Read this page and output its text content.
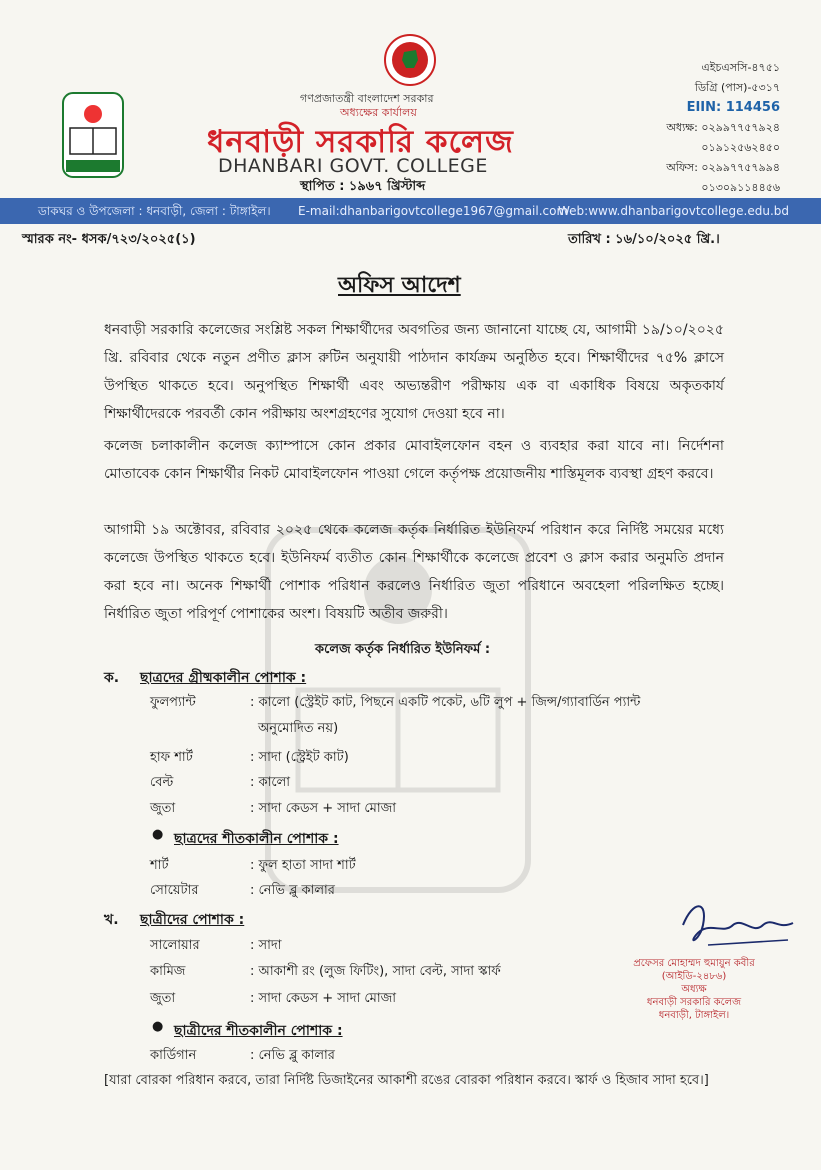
গণপ্রজাতন্ত্রী বাংলাদেশ সরকার
অধ্যক্ষের কার্যালয়
ধনবাড়ী সরকারি কলেজ
DHANBARI GOVT. COLLEGE
স্থাপিত : ১৯৬৭ খ্রিস্টাব্দ
এইচএসসি-৪৭৫১
ডিগ্রি (পাস)-৫৩১৭
EIIN: 114456
অধ্যক্ষ: ০২৯৯৭৭৫৭৯২৪
০১৯১২৫৬২৪৫০
অফিস: ০২৯৯৭৭৫৭৯৯৪
০১৩০৯১১৪৪৫৬
ডাকঘর ও উপজেলা : ধনবাড়ী, জেলা : টাঙ্গাইল। E-mail:dhanbarigovtcollege1967@gmail.com
Web:www.dhanbarigovtcollege.edu.bd
স্মারক নং- ধসক/৭২৩/২০২৫(১)	তারিখ : ১৬/১০/২০২৫ খ্রি.।
অফিস আদেশ
ধনবাড়ী সরকারি কলেজের সংশ্লিষ্ট সকল শিক্ষার্থীদের অবগতির জন্য জানানো যাচ্ছে যে, আগামী ১৯/১০/২০২৫ খ্রি. রবিবার থেকে নতুন প্রণীত ক্লাস রুটিন অনুযায়ী পাঠদান কার্যক্রম অনুষ্ঠিত হবে। শিক্ষার্থীদের ৭৫% ক্লাসে উপস্থিত থাকতে হবে। অনুপস্থিত শিক্ষার্থী এবং অভ্যন্তরীণ পরীক্ষায় এক বা একাধিক বিষয়ে অকৃতকার্য শিক্ষার্থীদেরকে পরবর্তী কোন পরীক্ষায় অংশগ্রহণের সুযোগ দেওয়া হবে না।
কলেজ চলাকালীন কলেজ ক্যাম্পাসে কোন প্রকার মোবাইলফোন বহন ও ব্যবহার করা যাবে না। নির্দেশনা মোতাবেক কোন শিক্ষার্থীর নিকট মোবাইলফোন পাওয়া গেলে কর্তৃপক্ষ প্রয়োজনীয় শাস্তিমূলক ব্যবস্থা গ্রহণ করবে।
আগামী ১৯ অক্টোবর, রবিবার ২০২৫ থেকে কলেজ কর্তৃক নির্ধারিত ইউনিফর্ম পরিধান করে নির্দিষ্ট সময়ের মধ্যে কলেজে উপস্থিত থাকতে হবে। ইউনিফর্ম ব্যতীত কোন শিক্ষার্থীকে কলেজে প্রবেশ ও ক্লাস করার অনুমতি প্রদান করা হবে না। অনেক শিক্ষার্থী পোশাক পরিধান করলেও নির্ধারিত জুতা পরিধানে অবহেলা পরিলক্ষিত হচ্ছে। নির্ধারিত জুতা পরিপূর্ণ পোশাকের অংশ। বিষয়টি অতীব জরুরী।
কলেজ কর্তৃক নির্ধারিত ইউনিফর্ম :
ক. ছাত্রদের গ্রীষ্মকালীন পোশাক :
ফুলপ্যান্ট	: কালো (স্ট্রেইট কাট, পিছনে একটি পকেট, ৬টি লুপ + জিন্স/গ্যাবার্ডিন প্যান্ট
অনুমোদিত নয়)
হাফ শার্ট	: সাদা (স্ট্রেইট কাট)
বেল্ট	: কালো
জুতা	: সাদা কেডস + সাদা মোজা
● ছাত্রদের শীতকালীন পোশাক :
শার্ট	: ফুল হাতা সাদা শার্ট
সোয়েটার	: নেভি ব্লু কালার
খ. ছাত্রীদের পোশাক :
সালোয়ার	: সাদা
কামিজ	: আকাশী রং (লুজ ফিটিং), সাদা বেল্ট, সাদা স্কার্ফ
জুতা	: সাদা কেডস + সাদা মোজা
● ছাত্রীদের শীতকালীন পোশাক :
কার্ডিগান	: নেভি ব্লু কালার
[যারা বোরকা পরিধান করবে, তারা নির্দিষ্ট ডিজাইনের আকাশী রঙের বোরকা পরিধান করবে। স্কার্ফ ও হিজাব সাদা হবে।]
প্রফেসর মোহাম্মদ হুমায়ুন কবীর
(আইডি-২৪৮৬)
অধ্যক্ষ
ধনবাড়ী সরকারি কলেজ
ধনবাড়ী, টাঙ্গাইল।
